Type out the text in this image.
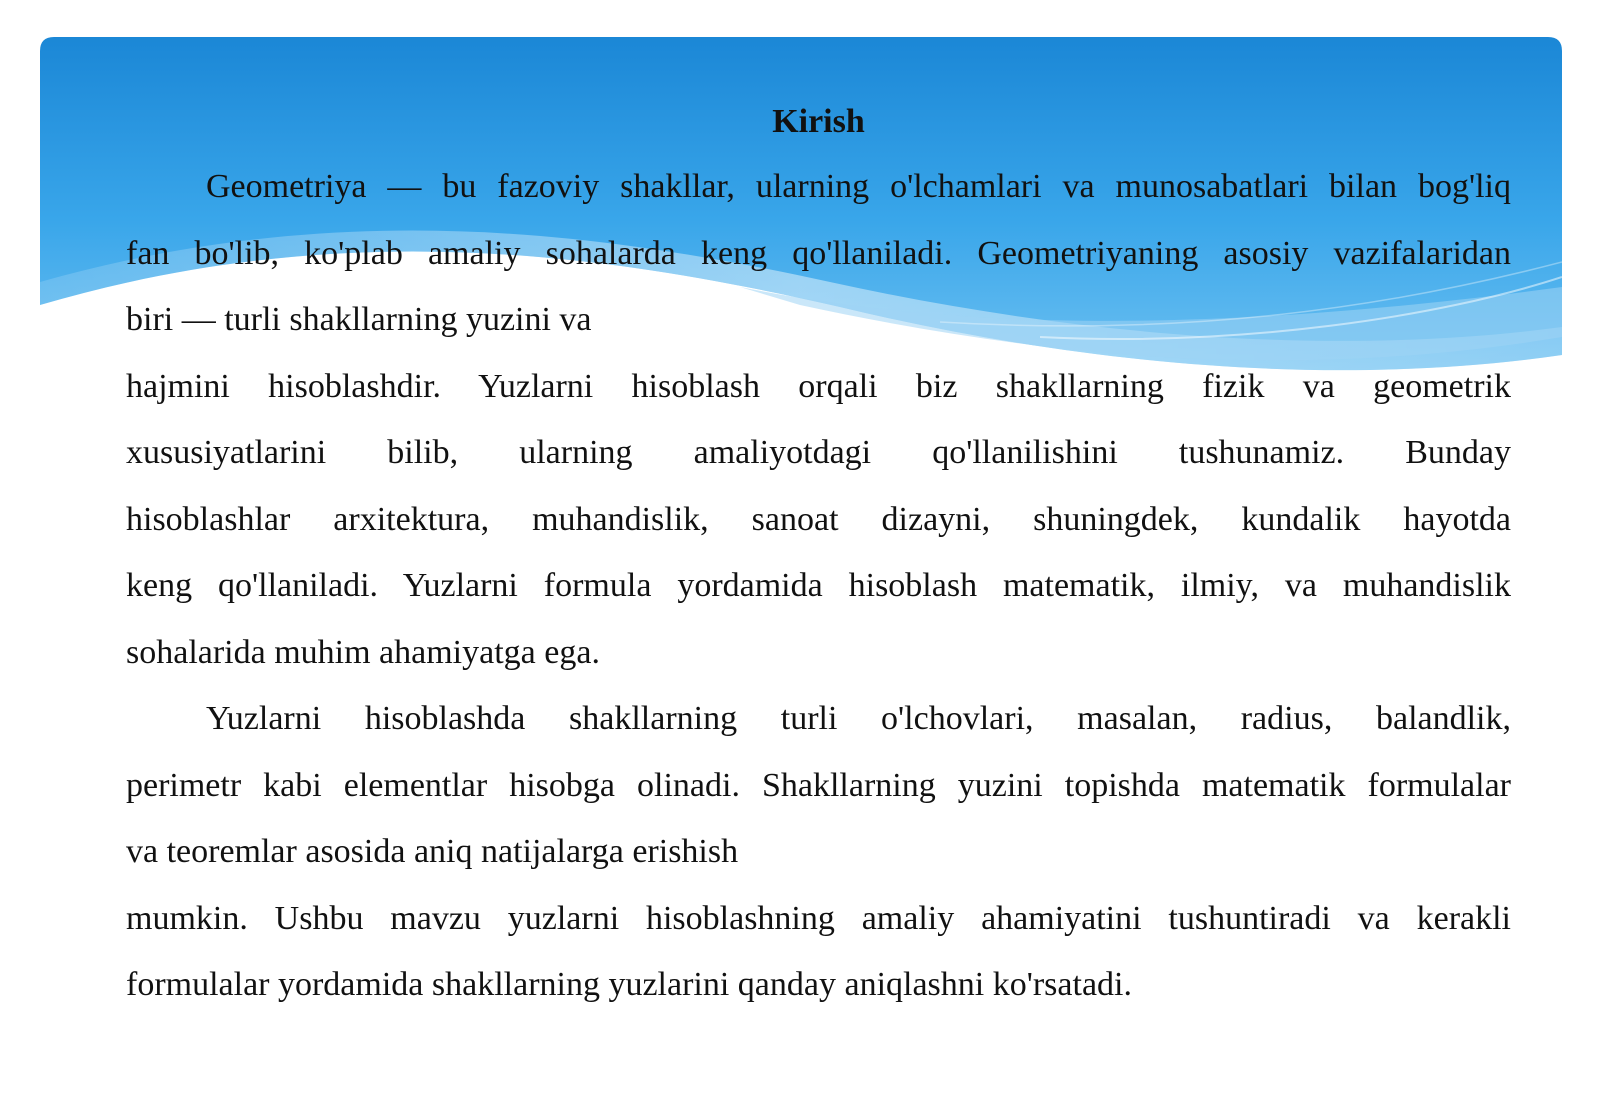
Kirish
Geometriya — bu fazoviy shakllar, ularning o'lchamlari va munosabatlari bilan bog'liq
fan bo'lib, ko'plab amaliy sohalarda keng qo'llaniladi. Geometriyaning asosiy vazifalaridan
biri — turli shakllarning yuzini va
hajmini hisoblashdir. Yuzlarni hisoblash orqali biz shakllarning fizik va geometrik
xususiyatlarini bilib, ularning amaliyotdagi qo'llanilishini tushunamiz. Bunday
hisoblashlar arxitektura, muhandislik, sanoat dizayni, shuningdek, kundalik hayotda
keng qo'llaniladi. Yuzlarni formula yordamida hisoblash matematik, ilmiy, va muhandislik
sohalarida muhim ahamiyatga ega.
Yuzlarni hisoblashda shakllarning turli o'lchovlari, masalan, radius, balandlik,
perimetr kabi elementlar hisobga olinadi. Shakllarning yuzini topishda matematik formulalar
va teoremlar asosida aniq natijalarga erishish
mumkin. Ushbu mavzu yuzlarni hisoblashning amaliy ahamiyatini tushuntiradi va kerakli
formulalar yordamida shakllarning yuzlarini qanday aniqlashni ko'rsatadi.
